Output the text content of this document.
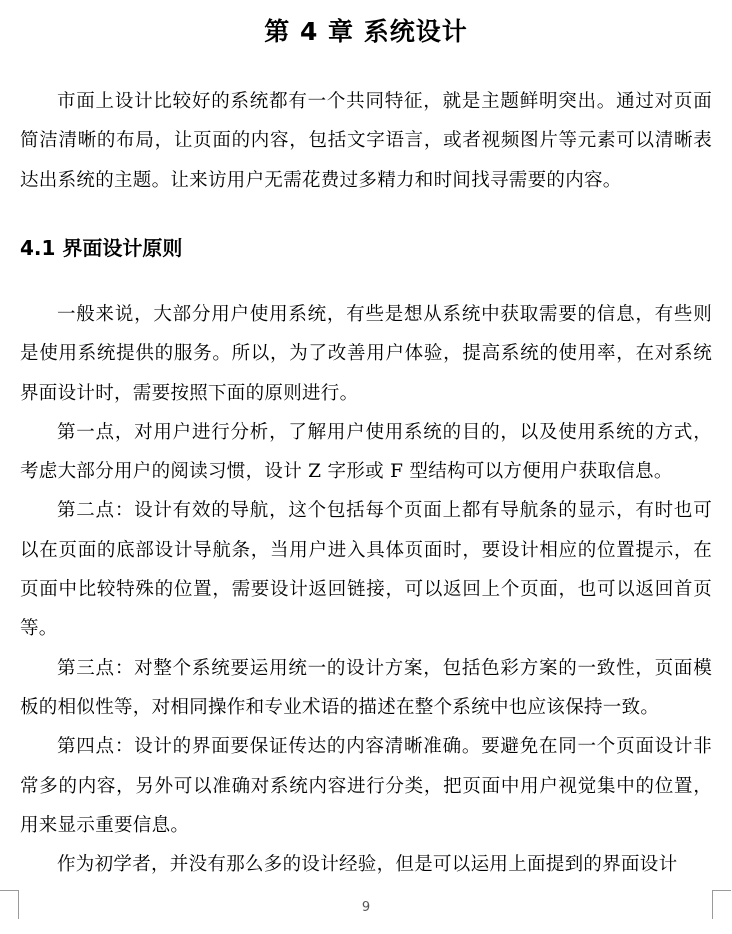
第 4 章 系统设计

市面上设计比较好的系统都有一个共同特征，就是主题鲜明突出。通过对页面简洁清晰的布局，让页面的内容，包括文字语言，或者视频图片等元素可以清晰表达出系统的主题。让来访用户无需花费过多精力和时间找寻需要的内容。

4.1 界面设计原则

一般来说，大部分用户使用系统，有些是想从系统中获取需要的信息，有些则是使用系统提供的服务。所以，为了改善用户体验，提高系统的使用率，在对系统界面设计时，需要按照下面的原则进行。

第一点，对用户进行分析，了解用户使用系统的目的，以及使用系统的方式，考虑大部分用户的阅读习惯，设计 Z 字形或 F 型结构可以方便用户获取信息。

第二点：设计有效的导航，这个包括每个页面上都有导航条的显示，有时也可以在页面的底部设计导航条，当用户进入具体页面时，要设计相应的位置提示，在页面中比较特殊的位置，需要设计返回链接，可以返回上个页面，也可以返回首页等。

第三点：对整个系统要运用统一的设计方案，包括色彩方案的一致性，页面模板的相似性等，对相同操作和专业术语的描述在整个系统中也应该保持一致。

第四点：设计的界面要保证传达的内容清晰准确。要避免在同一个页面设计非常多的内容，另外可以准确对系统内容进行分类，把页面中用户视觉集中的位置，用来显示重要信息。

作为初学者，并没有那么多的设计经验，但是可以运用上面提到的界面设计

9
